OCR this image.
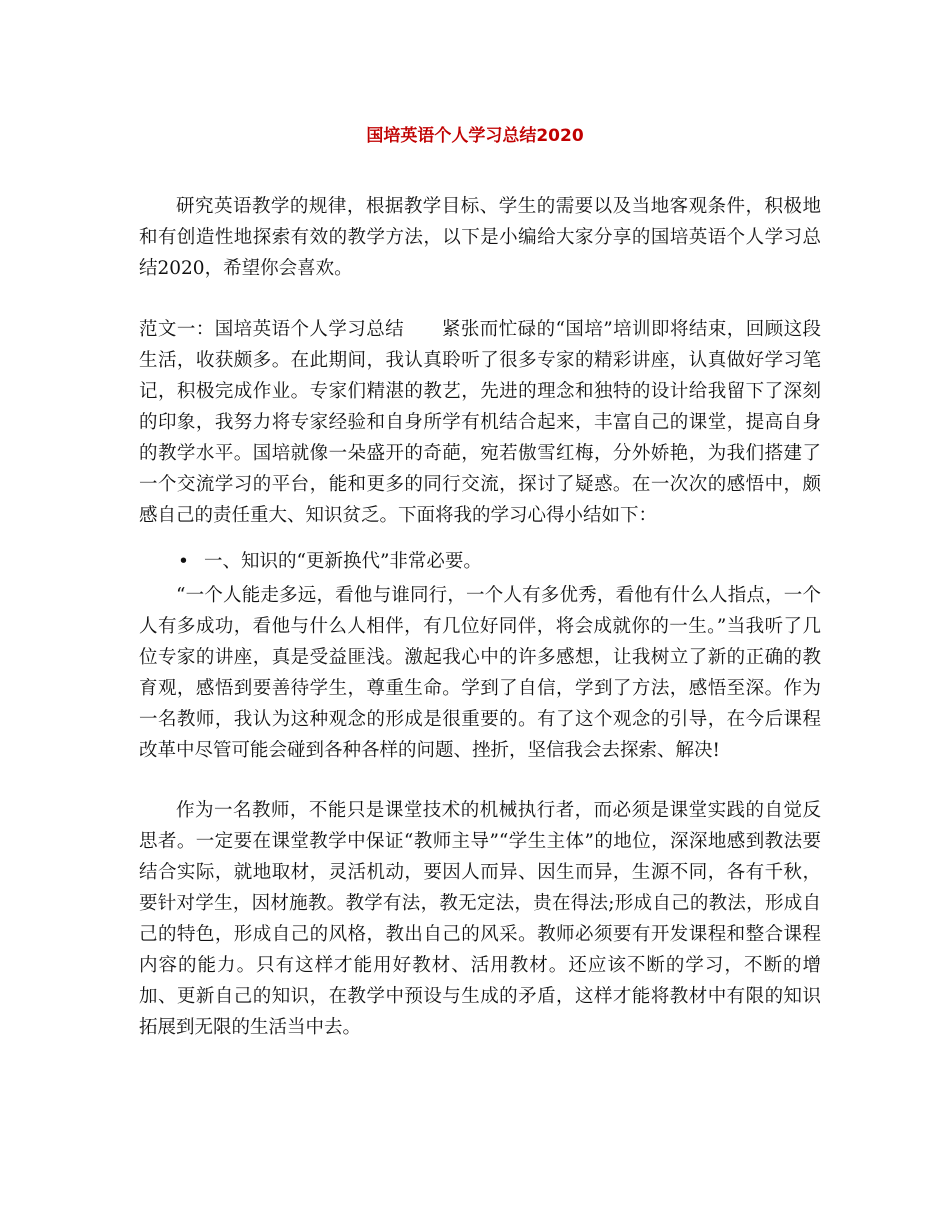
国培英语个人学习总结2020

研究英语教学的规律，根据教学目标、学生的需要以及当地客观条件，积极地和有创造性地探索有效的教学方法，以下是小编给大家分享的国培英语个人学习总结2020，希望你会喜欢。

范文一：国培英语个人学习总结　　紧张而忙碌的“国培”培训即将结束，回顾这段生活，收获颇多。在此期间，我认真聆听了很多专家的精彩讲座，认真做好学习笔记，积极完成作业。专家们精湛的教艺，先进的理念和独特的设计给我留下了深刻的印象，我努力将专家经验和自身所学有机结合起来，丰富自己的课堂，提高自身的教学水平。国培就像一朵盛开的奇葩，宛若傲雪红梅，分外娇艳，为我们搭建了一个交流学习的平台，能和更多的同行交流，探讨了疑惑。在一次次的感悟中，颇感自己的责任重大、知识贫乏。下面将我的学习心得小结如下：

• 一、知识的“更新换代”非常必要。

“一个人能走多远，看他与谁同行，一个人有多优秀，看他有什么人指点，一个人有多成功，看他与什么人相伴，有几位好同伴，将会成就你的一生。”当我听了几位专家的讲座，真是受益匪浅。激起我心中的许多感想，让我树立了新的正确的教育观，感悟到要善待学生，尊重生命。学到了自信，学到了方法，感悟至深。作为一名教师，我认为这种观念的形成是很重要的。有了这个观念的引导，在今后课程改革中尽管可能会碰到各种各样的问题、挫折，坚信我会去探索、解决!

作为一名教师，不能只是课堂技术的机械执行者，而必须是课堂实践的自觉反思者。一定要在课堂教学中保证“教师主导”“学生主体”的地位，深深地感到教法要结合实际，就地取材，灵活机动，要因人而异、因生而异，生源不同，各有千秋，要针对学生，因材施教。教学有法，教无定法，贵在得法;形成自己的教法，形成自己的特色，形成自己的风格，教出自己的风采。教师必须要有开发课程和整合课程内容的能力。只有这样才能用好教材、活用教材。还应该不断的学习，不断的增加、更新自己的知识，在教学中预设与生成的矛盾，这样才能将教材中有限的知识拓展到无限的生活当中去。
